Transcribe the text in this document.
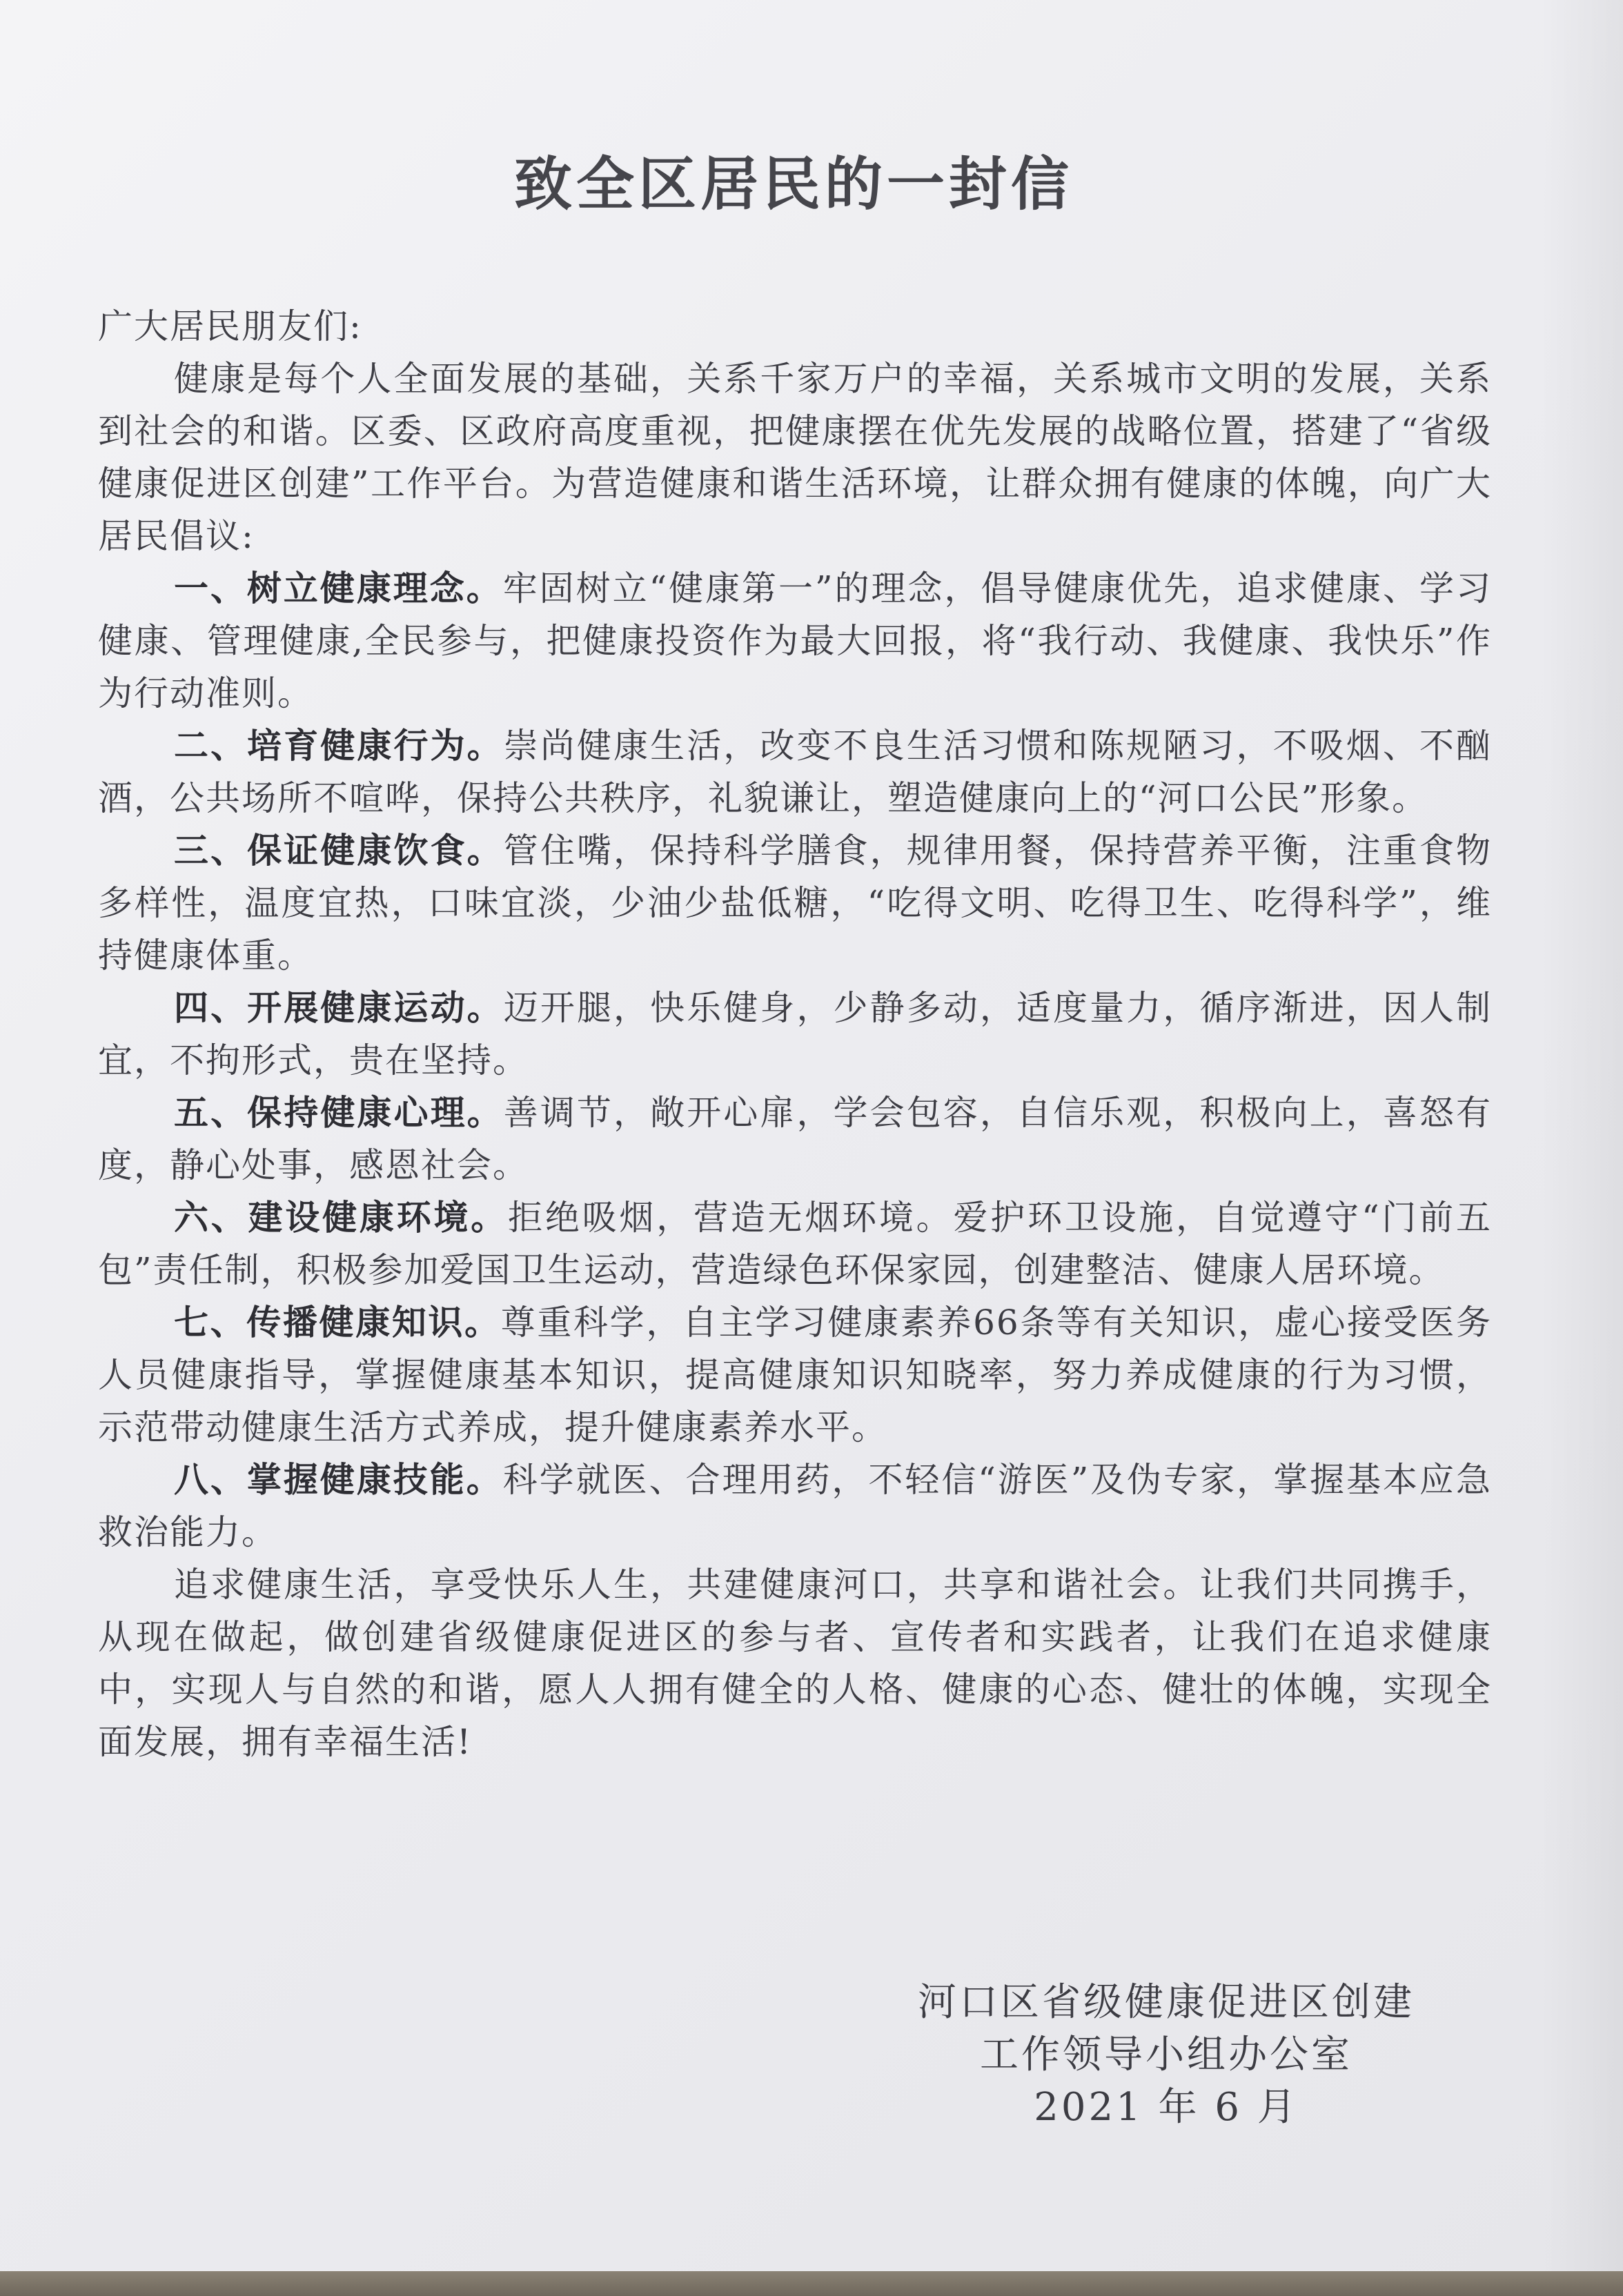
致全区居民的一封信

广大居民朋友们:

健康是每个人全面发展的基础，关系千家万户的幸福，关系城市文明的发展，关系到社会的和谐。区委、区政府高度重视，把健康摆在优先发展的战略位置，搭建了“省级健康促进区创建”工作平台。为营造健康和谐生活环境，让群众拥有健康的体魄，向广大居民倡议:

一、树立健康理念。牢固树立“健康第一”的理念，倡导健康优先，追求健康、学习健康、管理健康,全民参与，把健康投资作为最大回报，将“我行动、我健康、我快乐”作为行动准则。

二、培育健康行为。崇尚健康生活，改变不良生活习惯和陈规陋习，不吸烟、不酗酒，公共场所不喧哗，保持公共秩序，礼貌谦让，塑造健康向上的“河口公民”形象。

三、保证健康饮食。管住嘴，保持科学膳食，规律用餐，保持营养平衡，注重食物多样性，温度宜热，口味宜淡，少油少盐低糖，“吃得文明、吃得卫生、吃得科学”，维持健康体重。

四、开展健康运动。迈开腿，快乐健身，少静多动，适度量力，循序渐进，因人制宜，不拘形式，贵在坚持。

五、保持健康心理。善调节，敞开心扉，学会包容，自信乐观，积极向上，喜怒有度，静心处事，感恩社会。

六、建设健康环境。拒绝吸烟，营造无烟环境。爱护环卫设施，自觉遵守“门前五包”责任制，积极参加爱国卫生运动，营造绿色环保家园，创建整洁、健康人居环境。

七、传播健康知识。尊重科学，自主学习健康素养66条等有关知识，虚心接受医务人员健康指导，掌握健康基本知识，提高健康知识知晓率，努力养成健康的行为习惯，示范带动健康生活方式养成，提升健康素养水平。

八、掌握健康技能。科学就医、合理用药，不轻信“游医”及伪专家，掌握基本应急救治能力。

追求健康生活，享受快乐人生，共建健康河口，共享和谐社会。让我们共同携手，从现在做起，做创建省级健康促进区的参与者、宣传者和实践者，让我们在追求健康中，实现人与自然的和谐，愿人人拥有健全的人格、健康的心态、健壮的体魄，实现全面发展，拥有幸福生活!

河口区省级健康促进区创建
工作领导小组办公室
2021 年 6 月
